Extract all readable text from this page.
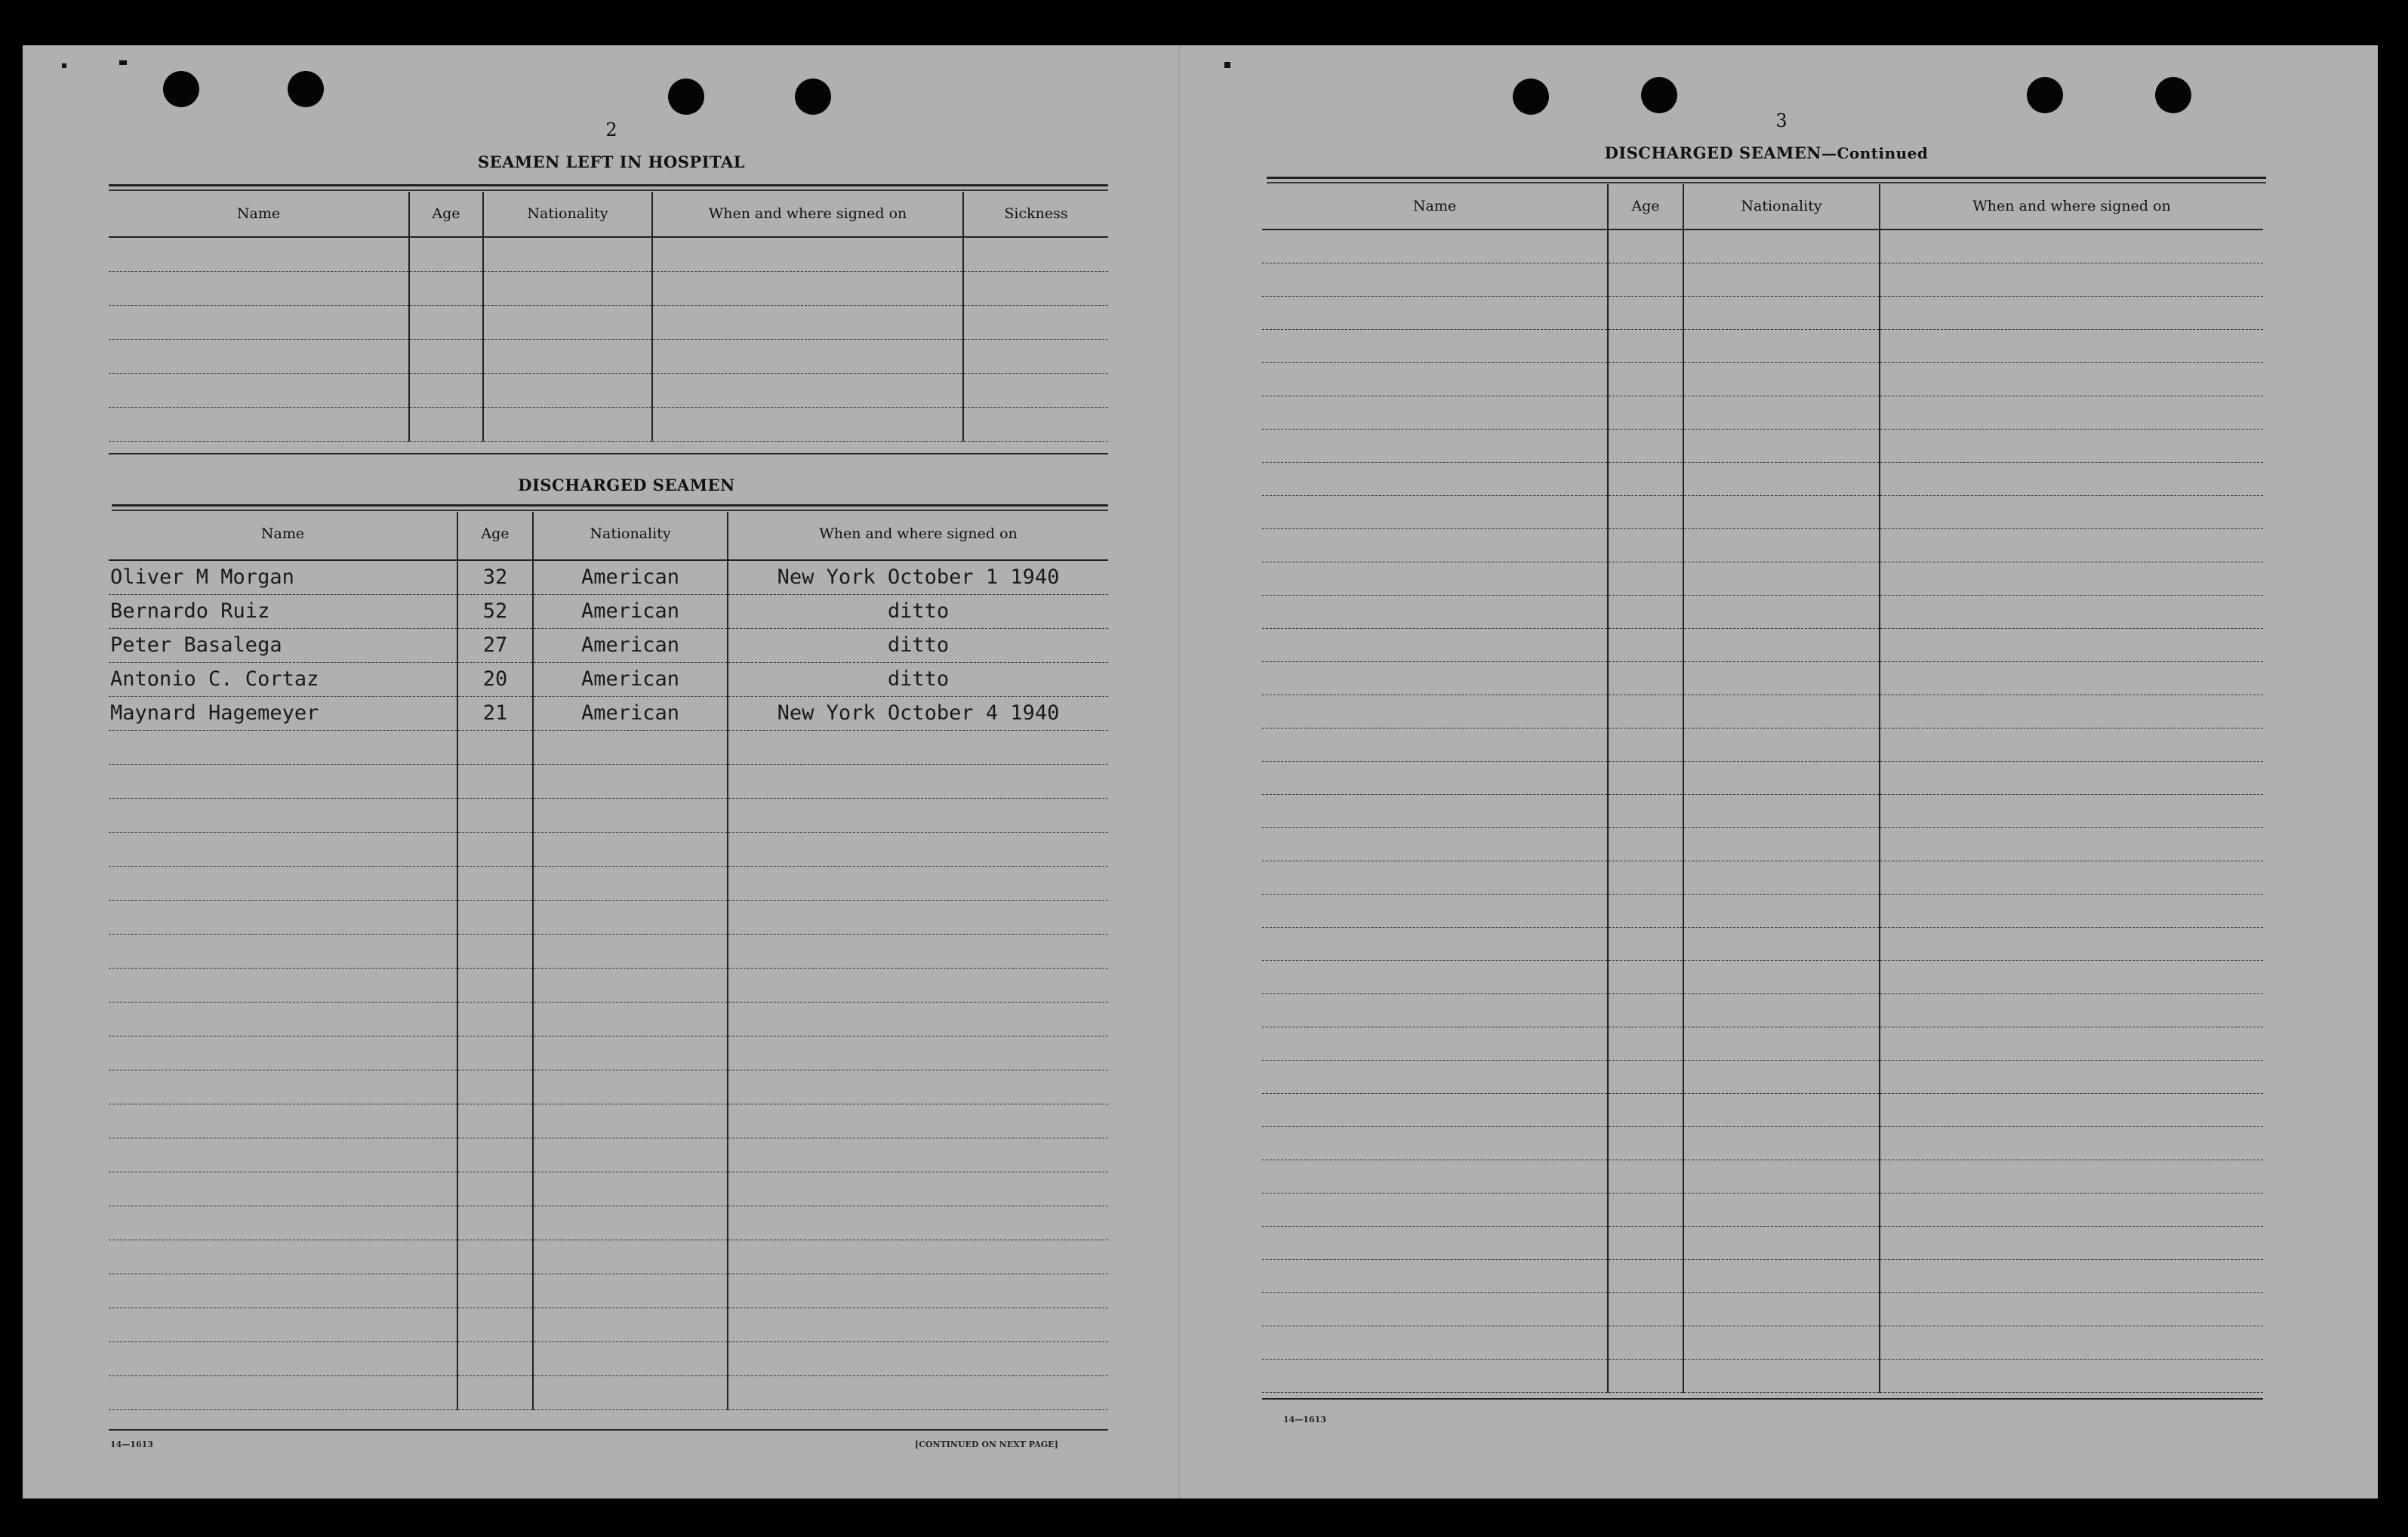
2
SEAMEN LEFT IN HOSPITAL
Name	Age	Nationality	When and where signed on	Sickness

DISCHARGED SEAMEN
Name	Age	Nationality	When and where signed on
Oliver M Morgan	32	American	New York October 1 1940
Bernardo Ruiz	52	American	ditto
Peter Basalega	27	American	ditto
Antonio C. Cortaz	20	American	ditto
Maynard Hagemeyer	21	American	New York October 4 1940

14—1613	[CONTINUED ON NEXT PAGE]
3
DISCHARGED SEAMEN—Continued
Name	Age	Nationality	When and where signed on

14—1613
